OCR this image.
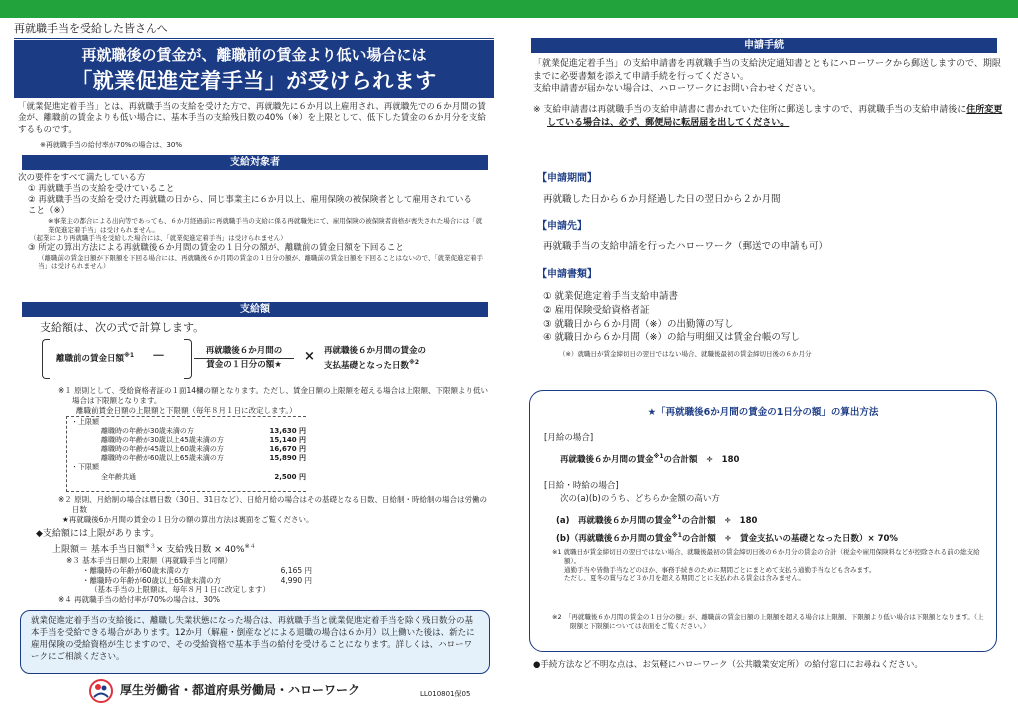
再就職手当を受給した皆さんへ
再就職後の賃金が、離職前の賃金より低い場合には
「就業促進定着手当」が受けられます
「就業促進定着手当」とは、再就職手当の支給を受けた方で、再就職先に６か月以上雇用され、再就職先での６か月間の賃金が、離職前の賃金よりも低い場合に、基本手当の支給残日数の40%（※）を上限として、低下した賃金の６か月分を支給するものです。
※再就職手当の給付率が70%の場合は、30%
支給対象者
次の要件をすべて満たしている方
① 再就職手当の支給を受けていること
② 再就職手当の支給を受けた再就職の日から、同じ事業主に６か月以上、雇用保険の被保険者として雇用されていること（※）
※事業主の都合による出向等であっても、６か月経過前に再就職手当の支給に係る再就職先にて、雇用保険の被保険者資格が喪失された場合には「就業促進定着手当」は受けられません。
（起業により再就職手当を受給した場合には、「就業促進定着手当」は受けられません）
③ 所定の算出方法による再就職後６か月間の賃金の１日分の額が、離職前の賃金日額を下回ること
（離職前の賃金日額が下限額を下回る場合には、再就職後６か月間の賃金の１日分の額が、離職前の賃金日額を下回ることはないので、「就業促進定着手当」は受けられません）
支給額
支給額は、次の式で計算します。
離職前の賃金日額$^{※1}$ －	再就職後６か月間の
賃金の１日分の額★
× 再就職後６か月間の賃金の
支払基礎となった日数$^{※2}$
※１ 原則として、受給資格者証の１面14欄の額となります。ただし、賃金日額の上限額を超える場合は上限額、下限額より低い場合は下限額となります。
離職前賃金日額の上限額と下限額（毎年８月１日に改定します。）
・上限額
離職時の年齢が30歳未満の方	13,630 円
離職時の年齢が30歳以上45歳未満の方	15,140 円
離職時の年齢が45歳以上60歳未満の方	16,670 円
離職時の年齢が60歳以上65歳未満の方	15,890 円
・下限額
全年齢共通	2,500 円
※２ 原則、月給制の場合は暦日数（30日、31日など）、日給月給の場合はその基礎となる日数、日給制・時給制の場合は労働の日数
★再就職後6か月間の賃金の１日分の額の算出方法は裏面をご覧ください。
◆支給額には上限があります。
上限額＝ 基本手当日額$^{※3}$× 支給残日数 × 40%$^{※4}$
※３ 基本手当日額の上限額（再就職手当と同額）
・離職時の年齢が60歳未満の方	6,165 円
・離職時の年齢が60歳以上65歳未満の方	4,990 円
（基本手当の上限額は、毎年８月１日に改定します）
※４ 再就職手当の給付率が70%の場合は、30%
就業促進定着手当の支給後に、離職し失業状態になった場合は、再就職手当と就業促進定着手当を除く残日数分の基本手当を受給できる場合があります。12か月（解雇・倒産などによる退職の場合は６か月）以上働いた後は、新たに雇用保険の受給資格が生じますので、その受給資格で基本手当の給付を受けることになります。詳しくは、ハローワークにご相談ください。
厚生労働省・都道府県労働局・ハローワーク	LL010801保05
申請手続
「就業促進定着手当」の支給申請書を再就職手当の支給決定通知書とともにハローワークから郵送しますので、期限までに必要書類を添えて申請手続を行ってください。
支給申請書が届かない場合は、ハローワークにお問い合わせください。
※ 支給申請書は再就職手当の支給申請書に書かれていた住所に郵送しますので、再就職手当の支給申請後に住所変更している場合は、必ず、郵便局に転居届を出してください。
【申請期間】
再就職した日から６か月経過した日の翌日から２か月間
【申請先】
再就職手当の支給申請を行ったハローワーク（郵送での申請も可）
【申請書類】
① 就業促進定着手当支給申請書
② 雇用保険受給資格者証
③ 就職日から６か月間（※）の出勤簿の写し
④ 就職日から６か月間（※）の給与明細又は賃金台帳の写し
（※）就職日が賃金締切日の翌日ではない場合、就職後最初の賃金締切日後の６か月分
★「再就職後6か月間の賃金の1日分の額」の算出方法
[月給の場合]
再就職後６か月間の賃金$^{※1}$の合計額　÷　180
[日給・時給の場合]
次の(a)(b)のうち、どちらか金額の高い方
(a)　 再就職後６か月間の賃金$^{※1}$の合計額　÷　180
(b)（再就職後６か月間の賃金$^{※1}$の合計額　÷　賃金支払いの基礎となった日数）× 70%
※1 就職日が賃金締切日の翌日ではない場合、就職後最初の賃金締切日後の６か月分の賃金の合計（税金や雇用保険料などが控除される前の総支給額）。
通勤手当や皆勤手当などのほか、事務手続きのために期間ごとにまとめて支払う通勤手当なども含みます。
ただし、夏冬の賞与など３か月を超える期間ごとに支払われる賃金は含みません。
※2　「再就職後６か月間の賃金の１日分の額」が、離職前の賃金日額の上限額を超える場合は上限額、下限額より低い場合は下限額となります。（上限額と下限額については表面をご覧ください。）
●手続方法など不明な点は、お気軽にハローワーク（公共職業安定所）の給付窓口にお尋ねください。
